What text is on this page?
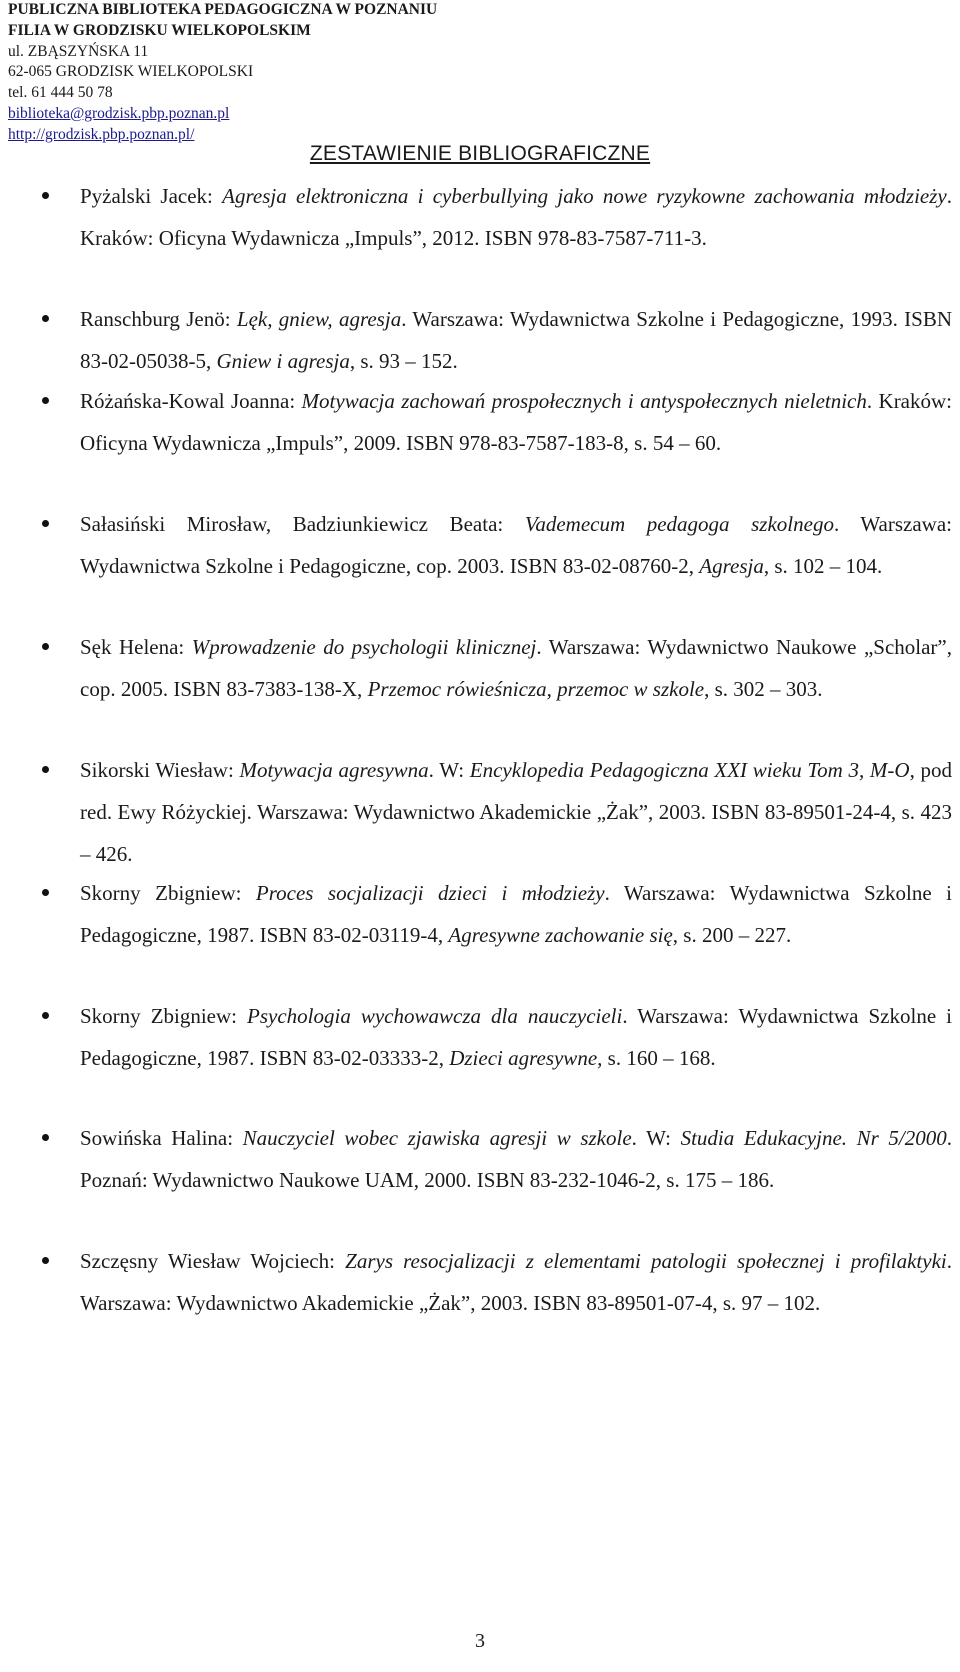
PUBLICZNA BIBLIOTEKA PEDAGOGICZNA W POZNANIU
FILIA W GRODZISKU WIELKOPOLSKIM
ul. ZBĄSZYŃSKA 11
62-065 GRODZISK WIELKOPOLSKI
tel. 61 444 50 78
biblioteka@grodzisk.pbp.poznan.pl
http://grodzisk.pbp.poznan.pl/
ZESTAWIENIE BIBLIOGRAFICZNE
Pyżalski Jacek: Agresja elektroniczna i cyberbullying jako nowe ryzykowne zachowania młodzieży. Kraków: Oficyna Wydawnicza „Impuls”, 2012. ISBN 978-83-7587-711-3.
Ranschburg Jenö: Lęk, gniew, agresja. Warszawa: Wydawnictwa Szkolne i Pedagogiczne, 1993. ISBN 83-02-05038-5, Gniew i agresja, s. 93 – 152.
Różańska-Kowal Joanna: Motywacja zachowań prospołecznych i antyspołecznych nieletnich. Kraków: Oficyna Wydawnicza „Impuls”, 2009. ISBN 978-83-7587-183-8, s. 54 – 60.
Sałasiński Mirosław, Badziunkiewicz Beata: Vademecum pedagoga szkolnego. Warszawa: Wydawnictwa Szkolne i Pedagogiczne, cop. 2003. ISBN 83-02-08760-2, Agresja, s. 102 – 104.
Sęk Helena: Wprowadzenie do psychologii klinicznej. Warszawa: Wydawnictwo Naukowe „Scholar”, cop. 2005. ISBN 83-7383-138-X, Przemoc rówieśnicza, przemoc w szkole, s. 302 – 303.
Sikorski Wiesław: Motywacja agresywna. W: Encyklopedia Pedagogiczna XXI wieku Tom 3, M-O, pod red. Ewy Różyckiej. Warszawa: Wydawnictwo Akademickie „Żak”, 2003. ISBN 83-89501-24-4, s. 423 – 426.
Skorny Zbigniew: Proces socjalizacji dzieci i młodzieży. Warszawa: Wydawnictwa Szkolne i Pedagogiczne, 1987. ISBN 83-02-03119-4, Agresywne zachowanie się, s. 200 – 227.
Skorny Zbigniew: Psychologia wychowawcza dla nauczycieli. Warszawa: Wydawnictwa Szkolne i Pedagogiczne, 1987. ISBN 83-02-03333-2, Dzieci agresywne, s. 160 – 168.
Sowińska Halina: Nauczyciel wobec zjawiska agresji w szkole. W: Studia Edukacyjne. Nr 5/2000. Poznań: Wydawnictwo Naukowe UAM, 2000. ISBN 83-232-1046-2, s. 175 – 186.
Szczęsny Wiesław Wojciech: Zarys resocjalizacji z elementami patologii społecznej i profilaktyki. Warszawa: Wydawnictwo Akademickie „Żak”, 2003. ISBN 83-89501-07-4, s. 97 – 102.
3
